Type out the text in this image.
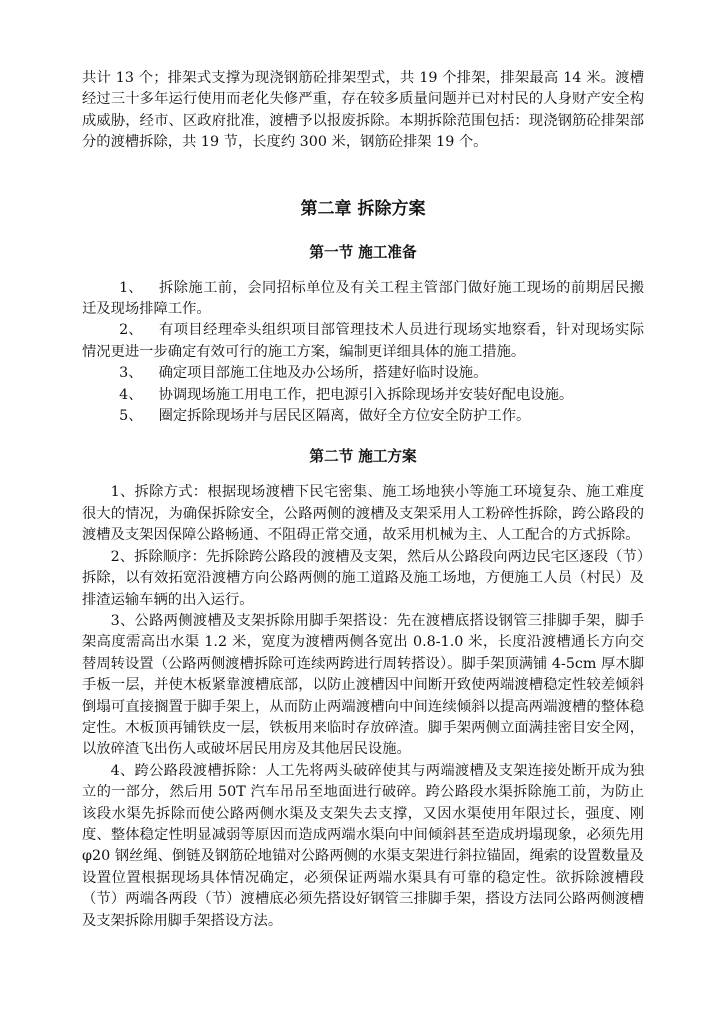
共计 13 个；排架式支撑为现浇钢筋砼排架型式，共 19 个排架，排架最高 14 米。渡槽经过三十多年运行使用而老化失修严重，存在较多质量问题并已对村民的人身财产安全构成威胁，经市、区政府批准，渡槽予以报废拆除。本期拆除范围包括：现浇钢筋砼排架部分的渡槽拆除，共 19 节，长度约 300 米，钢筋砼排架 19 个。

第二章 拆除方案
第一节 施工准备

1、 拆除施工前，会同招标单位及有关工程主管部门做好施工现场的前期居民搬迁及现场排障工作。

2、 有项目经理牵头组织项目部管理技术人员进行现场实地察看，针对现场实际情况更进一步确定有效可行的施工方案，编制更详细具体的施工措施。

3、 确定项目部施工住地及办公场所，搭建好临时设施。

4、 协调现场施工用电工作，把电源引入拆除现场并安装好配电设施。

5、 圈定拆除现场并与居民区隔离，做好全方位安全防护工作。

第二节 施工方案

1、拆除方式：根据现场渡槽下民宅密集、施工场地狭小等施工环境复杂、施工难度很大的情况，为确保拆除安全，公路两侧的渡槽及支架采用人工粉碎性拆除，跨公路段的渡槽及支架因保障公路畅通、不阻碍正常交通，故采用机械为主、人工配合的方式拆除。

2、拆除顺序：先拆除跨公路段的渡槽及支架，然后从公路段向两边民宅区逐段（节）拆除，以有效拓宽沿渡槽方向公路两侧的施工道路及施工场地，方便施工人员（村民）及排渣运输车辆的出入运行。

3、公路两侧渡槽及支架拆除用脚手架搭设：先在渡槽底搭设钢管三排脚手架，脚手架高度需高出水渠 1.2 米，宽度为渡槽两侧各宽出 0.8-1.0 米，长度沿渡槽通长方向交替周转设置（公路两侧渡槽拆除可连续两跨进行周转搭设）。脚手架顶满铺 4-5cm 厚木脚手板一层，并使木板紧靠渡槽底部，以防止渡槽因中间断开致使两端渡槽稳定性较差倾斜倒塌可直接搁置于脚手架上，从而防止两端渡槽向中间连续倾斜以提高两端渡槽的整体稳定性。木板顶再铺铁皮一层，铁板用来临时存放碎渣。脚手架两侧立面满挂密目安全网，以放碎渣飞出伤人或破坏居民用房及其他居民设施。

4、跨公路段渡槽拆除：人工先将两头破碎使其与两端渡槽及支架连接处断开成为独立的一部分，然后用 50T 汽车吊吊至地面进行破碎。跨公路段水渠拆除施工前，为防止该段水渠先拆除而使公路两侧水渠及支架失去支撑，又因水渠使用年限过长，强度、刚度、整体稳定性明显减弱等原因而造成两端水渠向中间倾斜甚至造成坍塌现象，必须先用 φ20 钢丝绳、倒链及钢筋砼地锚对公路两侧的水渠支架进行斜拉锚固，绳索的设置数量及设置位置根据现场具体情况确定，必须保证两端水渠具有可靠的稳定性。欲拆除渡槽段（节）两端各两段（节）渡槽底必须先搭设好钢管三排脚手架，搭设方法同公路两侧渡槽及支架拆除用脚手架搭设方法。
